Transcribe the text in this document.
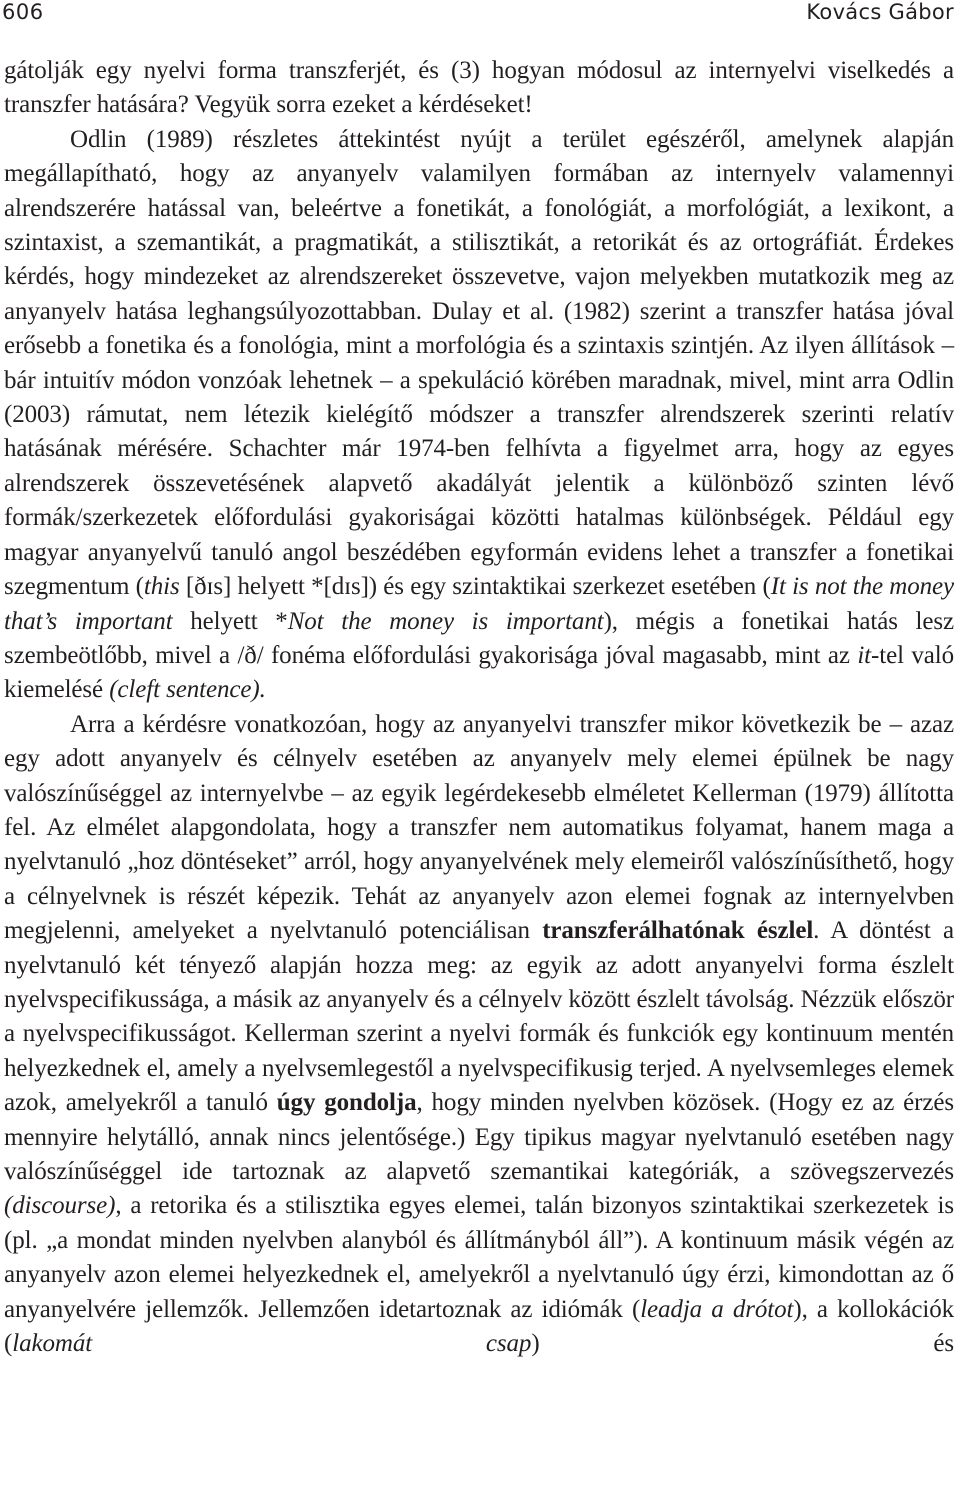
606	Kovács Gábor

gátolják egy nyelvi forma transzferjét, és (3) hogyan módosul az internyelvi viselkedés a transzfer hatására? Vegyük sorra ezeket a kérdéseket!

Odlin (1989) részletes áttekintést nyújt a terület egészéről, amelynek alapján megállapítható, hogy az anyanyelv valamilyen formában az internyelv valamennyi alrendszerére hatással van, beleértve a fonetikát, a fonológiát, a morfológiát, a lexikont, a szintaxist, a szemantikát, a pragmatikát, a stilisztikát, a retorikát és az ortográfiát. Érdekes kérdés, hogy mindezeket az alrendszereket összevetve, vajon melyekben mutatkozik meg az anyanyelv hatása leghangsúlyozottabban. Dulay et al. (1982) szerint a transzfer hatása jóval erősebb a fonetika és a fonológia, mint a morfológia és a szintaxis szintjén. Az ilyen állítások – bár intuitív módon vonzóak lehetnek – a spekuláció körében maradnak, mivel, mint arra Odlin (2003) rámutat, nem létezik kielégítő módszer a transzfer alrendszerek szerinti relatív hatásának mérésére. Schachter már 1974-ben felhívta a figyelmet arra, hogy az egyes alrendszerek összevetésének alapvető akadályát jelentik a különböző szinten lévő formák/szerkezetek előfordulási gyakoriságai közötti hatalmas különbségek. Például egy magyar anyanyelvű tanuló angol beszédében egyformán evidens lehet a transzfer a fonetikai szegmentum (this [ðɪs] helyett *[dɪs]) és egy szintaktikai szerkezet esetében (It is not the money that’s important helyett *Not the money is important), mégis a fonetikai hatás lesz szembeötlőbb, mivel a /ð/ fonéma előfordulási gyakorisága jóval magasabb, mint az it-tel való kiemelésé (cleft sentence).

Arra a kérdésre vonatkozóan, hogy az anyanyelvi transzfer mikor következik be – azaz egy adott anyanyelv és célnyelv esetében az anyanyelv mely elemei épülnek be nagy valószínűséggel az internyelvbe – az egyik legérdekesebb elméletet Kellerman (1979) állította fel. Az elmélet alapgondolata, hogy a transzfer nem automatikus folyamat, hanem maga a nyelvtanuló „hoz döntéseket” arról, hogy anyanyelvének mely elemeiről valószínűsíthető, hogy a célnyelvnek is részét képezik. Tehát az anyanyelv azon elemei fognak az internyelvben megjelenni, amelyeket a nyelvtanuló potenciálisan transzferálhatónak észlel. A döntést a nyelvtanuló két tényező alapján hozza meg: az egyik az adott anyanyelvi forma észlelt nyelvspecifikussága, a másik az anyanyelv és a célnyelv között észlelt távolság. Nézzük először a nyelvspecifikusságot. Kellerman szerint a nyelvi formák és funkciók egy kontinuum mentén helyezkednek el, amely a nyelvsemlegestől a nyelvspecifikusig terjed. A nyelvsemleges elemek azok, amelyekről a tanuló úgy gondolja, hogy minden nyelvben közösek. (Hogy ez az érzés mennyire helytálló, annak nincs jelentősége.) Egy tipikus magyar nyelvtanuló esetében nagy valószínűséggel ide tartoznak az alapvető szemantikai kategóriák, a szövegszervezés (discourse), a retorika és a stilisztika egyes elemei, talán bizonyos szintaktikai szerkezetek is (pl. „a mondat minden nyelvben alanyból és állítmányból áll”). A kontinuum másik végén az anyanyelv azon elemei helyezkednek el, amelyekről a nyelvtanuló úgy érzi, kimondottan az ő anyanyelvére jellemzők. Jellemzően idetartoznak az idiómák (leadja a drótot), a kollokációk (lakomát csap) és
